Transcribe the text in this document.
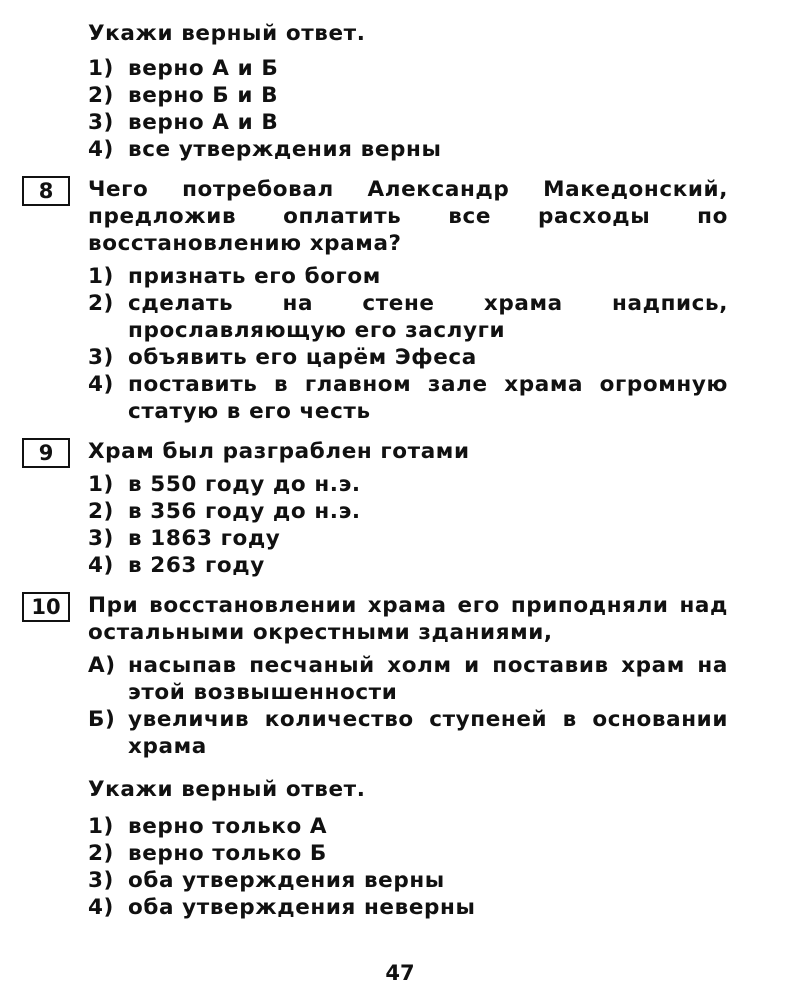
Укажи верный ответ.

1) верно А и Б
2) верно Б и В
3) верно А и В
4) все утверждения верны
8	Чего потребовал Александр Македонский, предложив оплатить все расходы по восстановлению храма?

1) признать его богом
2) сделать на стене храма надпись, прославляющую его заслуги
3) объявить его царём Эфеса
4) поставить в главном зале храма огромную статую в его честь
9	Храм был разграблен готами

1) в 550 году до н.э.
2) в 356 году до н.э.
3) в 1863 году
4) в 263 году
10	При восстановлении храма его приподняли над остальными окрестными зданиями,

А) насыпав песчаный холм и поставив храм на этой возвышенности
Б) увеличив количество ступеней в основании храма

Укажи верный ответ.

1) верно только А
2) верно только Б
3) оба утверждения верны
4) оба утверждения неверны
47
